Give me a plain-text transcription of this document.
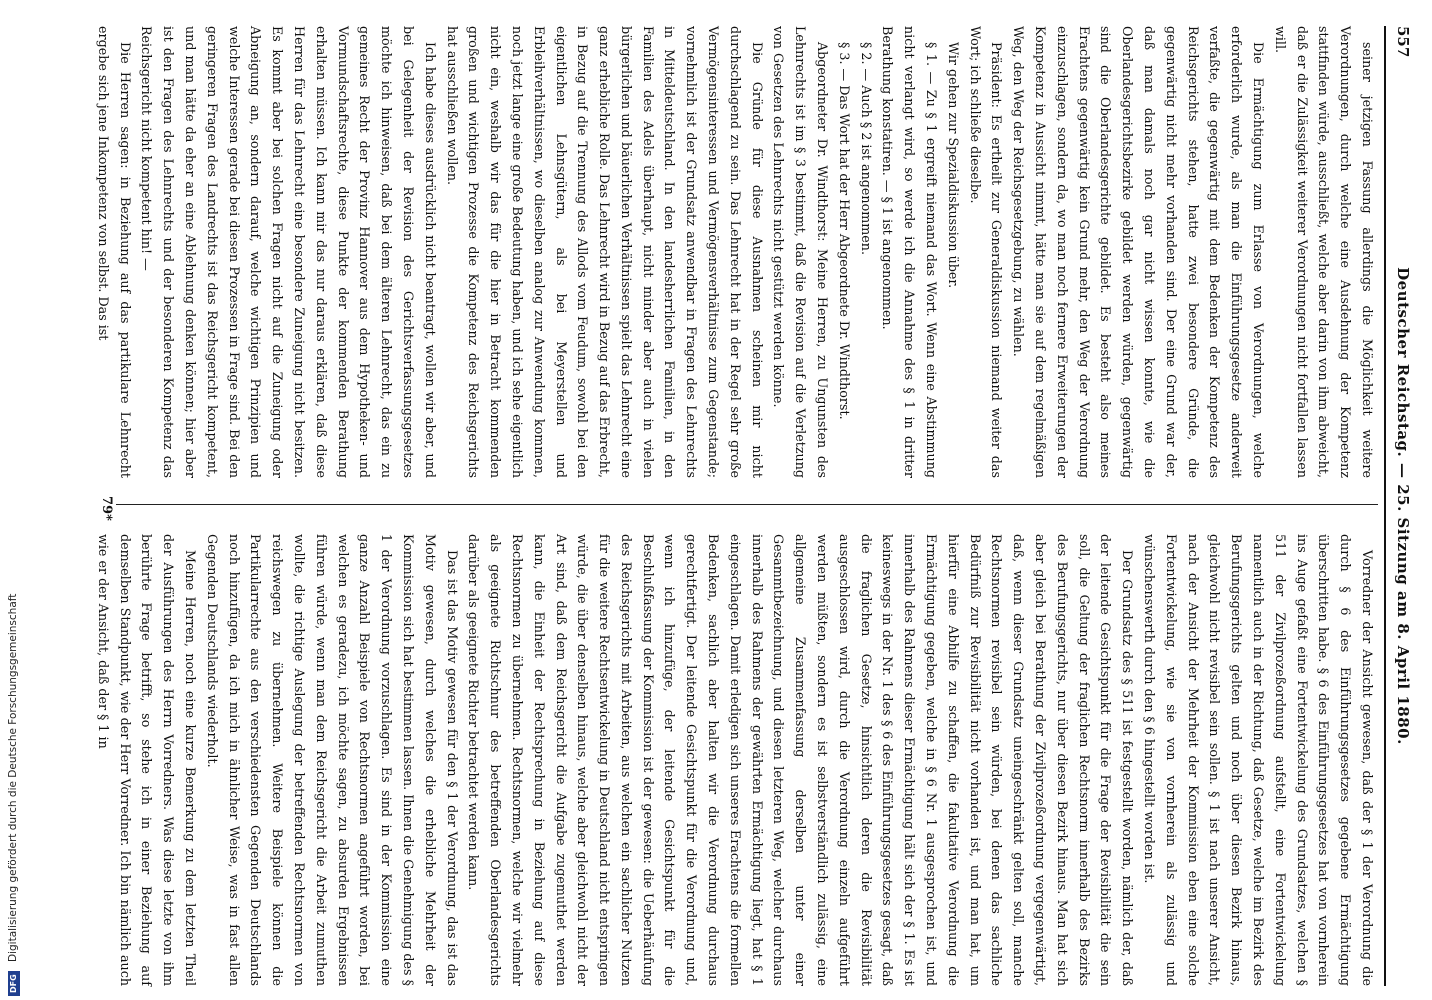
557
Deutscher Reichstag. — 25. Sitzung am 8. April 1880.

seiner jetzigen Fassung allerdings die Möglichkeit weitere Verordnungen, durch welche eine Ausdehnung der Kompetenz stattfinden würde, ausschließt, welche aber darin von ihm abweicht, daß er die Zulässigkeit weiterer Verordnungen nicht fortfallen lassen will.

Die Ermächtigung zum Erlasse von Verordnungen, welche erforderlich wurde, als man die Einführungsgesetze anderweit verfaßte, die gegenwärtig mit dem Bedenken der Kompetenz des Reichsgerichts stehen, hatte zwei besondere Gründe, die gegenwärtig nicht mehr vorhanden sind. Der eine Grund war der, daß man damals noch gar nicht wissen konnte, wie die Oberlandesgerichtsbezirke gebildet werden würden, gegenwärtig sind die Oberlandesgerichte gebildet. Es besteht also meines Erachtens gegenwärtig kein Grund mehr, den Weg der Verordnung einzuschlagen, sondern da, wo man noch fernere Erweiterungen der Kompetenz in Aussicht nimmt, hätte man sie auf dem regelmäßigen Weg, den Weg der Reichsgesetzgebung, zu wählen.

Präsident: Es ertheilt zur Generaldiskussion niemand weiter das Wort; ich schließe dieselbe.

Wir gehen zur Spezialdiskussion über.

§ 1. — Zu § 1 ergreift niemand das Wort. Wenn eine Abstimmung nicht verlangt wird, so werde ich die Annahme des § 1 in dritter Berathung konstatiren. — § 1 ist angenommen.

§ 2. — Auch § 2 ist angenommen.

§ 3. — Das Wort hat der Herr Abgeordnete Dr. Windthorst.

Abgeordneter Dr. Windthorst: Meine Herren, zu Ungunsten des Lehnrechts ist im § 3 bestimmt, daß die Revision auf die Verletzung von Gesetzen des Lehnrechts nicht gestützt werden könne.

Die Gründe für diese Ausnahmen scheinen mir nicht durchschlagend zu sein. Das Lehnrecht hat in der Regel sehr große Vermögensinteressen und Vermögensverhältnisse zum Gegenstande; vornehmlich ist der Grundsatz anwendbar in Fragen des Lehnrechts in Mitteldeutschland. In den landesherrlichen Familien, in den Familien des Adels überhaupt, nicht minder aber auch in vielen bürgerlichen und bäuerlichen Verhältnissen spielt das Lehnrecht eine ganz erhebliche Rolle. Das Lehnrecht wird in Bezug auf das Erbrecht, in Bezug auf die Trennung des Allods vom Feudum, sowohl bei den eigentlichen Lehnsgütern, als bei Meyerstellen und Erbleihverhältnissen, wo dieselben analog zur Anwendung kommen, noch jetzt lange eine große Bedeutung haben, und ich sehe eigentlich nicht ein, weshalb wir das für die hier in Betracht kommenden großen und wichtigen Prozesse die Kompetenz des Reichsgerichts hat ausschließen wollen.

Ich habe dieses ausdrücklich nicht beantragt, wollen wir aber, und bei Gelegenheit der Revision des Gerichtsverfassungsgesetzes möchte ich hinweisen, daß bei dem älteren Lehnrecht, das ein zu gemeines Recht der Provinz Hannover aus dem Hypotheken- und Vormundschaftsrechte, diese Punkte der kommenden Berathung erhalten müssen. Ich kann mir das nur daraus erklären, daß diese Herren für das Lehnrecht eine besondere Zuneigung nicht besitzen. Es kommt aber bei solchen Fragen nicht auf die Zuneigung oder Abneigung an, sondern darauf, welche wichtigen Prinzipien und welche Interessen gerade bei diesen Prozessen in Frage sind. Bei den geringeren Fragen des Landrechts ist das Reichsgericht kompetent, und man hätte da eher an eine Ablehnung denken können; hier aber ist den Fragen des Lehnrechts und der besonderen Kompetenz das Reichsgericht nicht kompetent hin! —

Die Herren sagen: in Beziehung auf das partikulare Lehnrecht ergebe sich jene Inkompetenz von selbst. Das ist

Vorredner der Ansicht gewesen, daß der § 1 der Verordnung die durch § 6 des Einführungsgesetzes gegebene Ermächtigung überschritten habe. § 6 des Einführungsgesetzes hat von vornherein ins Auge gefaßt eine Fortentwickelung des Grundsatzes, welchen § 511 der Zivilprozeßordnung aufstellt, eine Fortentwickelung namentlich auch in der Richtung, daß Gesetze, welche im Bezirk des Berufungsgerichts gelten und noch über diesen Bezirk hinaus, gleichwohl nicht revisibel sein sollen. § 1 ist nach unserer Ansicht, nach der Ansicht der Mehrheit der Kommission eben eine solche Fortentwickelung, wie sie von vornherein als zulässig und wünschenswerth durch den § 6 hingestellt worden ist.

Der Grundsatz des § 511 ist festgestellt worden, nämlich der, daß der leitende Gesichtspunkt für die Frage der Revisibilität die sein soll, die Geltung der fraglichen Rechtsnorm innerhalb des Bezirks des Berufungsgerichts, nur über diesen Bezirk hinaus. Man hat sich aber gleich bei Berathung der Zivilprozeßordnung vergegenwärtigt, daß, wenn dieser Grundsatz uneingeschränkt gelten soll, manche Rechtsnormen revisibel sein würden, bei denen das sachliche Bedürfniß zur Revisibilität nicht vorhanden ist, und man hat, um hierfür eine Abhilfe zu schaffen, die fakultative Verordnung die Ermächtigung gegeben, welche in § 6 Nr. 1 ausgesprochen ist, und innerhalb des Rahmens dieser Ermächtigung hält sich der § 1. Es ist keineswegs in der Nr. 1 des § 6 des Einführungsgesetzes gesagt, daß die fraglichen Gesetze, hinsichtlich deren die Revisibilität ausgeschlossen wird, durch die Verordnung einzeln aufgeführt werden müßten, sondern es ist selbstverständlich zulässig, eine allgemeine Zusammenfassung derselben unter einer Gesammtbezeichnung, und diesen letzteren Weg, welcher durchaus innerhalb des Rahmens der gewährten Ermächtigung liegt, hat § 1 eingeschlagen. Damit erledigen sich unseres Erachtens die formellen Bedenken, sachlich aber halten wir die Verordnung durchaus gerechtfertigt. Der leitende Gesichtspunkt für die Verordnung und, wenn ich hinzufüge, der leitende Gesichtspunkt für die Beschlußfassung der Kommission ist der gewesen: die Ueberhäufung des Reichsgerichts mit Arbeiten, aus welchen ein sachlicher Nutzen für die weitere Rechtsentwickelung in Deutschland nicht entspringen würde, die über denselben hinaus, welche aber gleichwohl nicht der Art sind, daß dem Reichsgericht die Aufgabe zugemuthet werden kann, die Einheit der Rechtsprechung in Beziehung auf diese Rechtsnormen zu übernehmen. Rechtsnormen, welche wir vielmehr als geeignete Richtschnur des betreffenden Oberlandesgerichts darüber als geeignete Richter betrachtet werden kann.

Das ist das Motiv gewesen für den § 1 der Verordnung, das ist das Motiv gewesen, durch welches die erhebliche Mehrheit der Kommission sich hat bestimmen lassen. Ihnen die Genehmigung des § 1 der Verordnung vorzuschlagen. Es sind in der Kommission eine ganze Anzahl Beispiele von Rechtsnormen angeführt worden, bei welchen es geradezu, ich möchte sagen, zu absurden Ergebnissen führen würde, wenn man dem Reichsgericht die Arbeit zumuthen wollte, die richtige Auslegung der betreffenden Rechtsnormen von reichswegen zu übernehmen. Weitere Beispiele können die Partikularrechte aus den verschiedensten Gegenden Deutschlands noch hinzufügen, da ich mich in ähnlicher Weise, was in fast allen Gegenden Deutschlands wiederholt.

Meine Herren, noch eine kurze Bemerkung zu dem letzten Theil der Ausführungen des Herrn Vorredners. Was diese letzte von ihm berührte Frage betrifft, so stehe ich in einer Beziehung auf demselben Standpunkt, wie der Herr Vorredner. Ich bin nämlich auch wie er der Ansicht, daß der § 1 in

79*
DFG Digitalisierung gefördert durch die Deutsche Forschungsgemeinschaft
